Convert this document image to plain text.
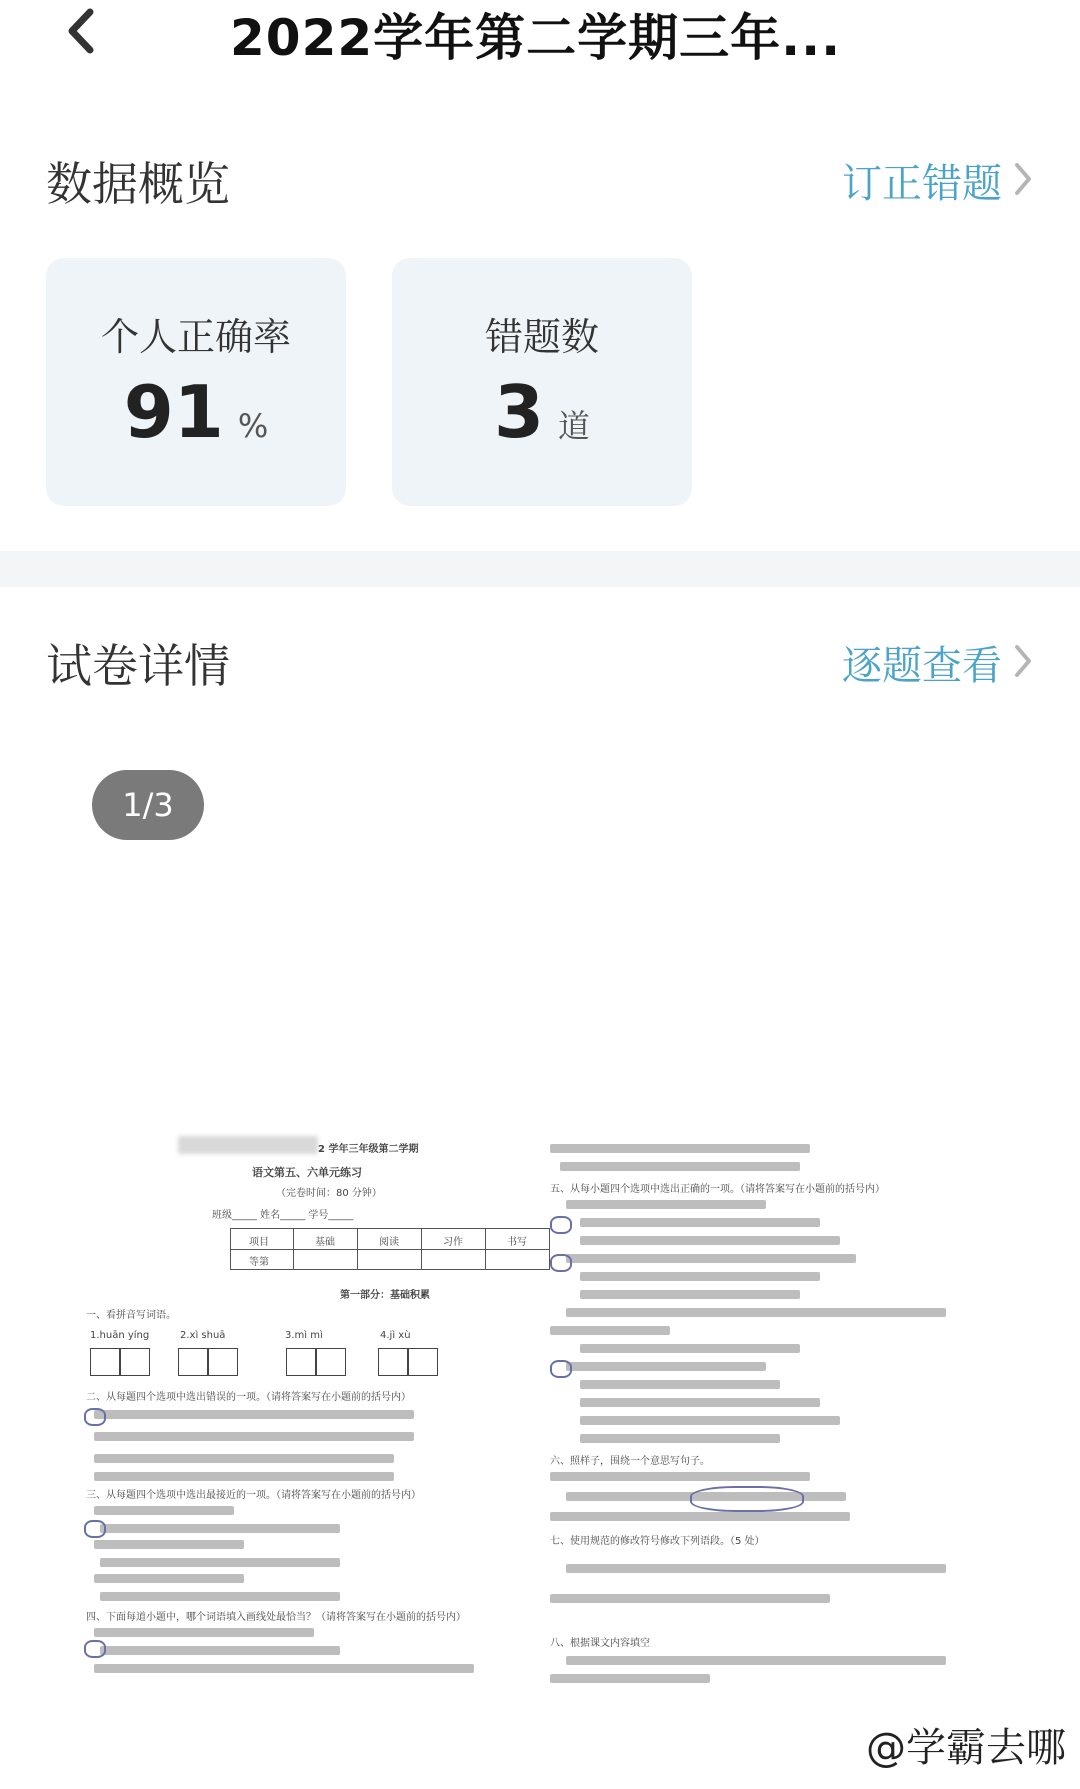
2022学年第二学期三年...
数据概览	订正错题
个人正确率
91 %
错题数
3 道
试卷详情	逐题查看
1/3
2 学年三年级第二学期
语文第五、六单元练习
（完卷时间：80 分钟）
班级_____ 姓名_____ 学号_____
项目	基础	阅读	习作	书写
等第
第一部分：基础积累
一、看拼音写词语。
1.huān yíng	2.xì shuā	3.mì mì	4.jì xù
二、从每题四个选项中选出错误的一项。（请将答案写在小题前的括号内）
三、从每题四个选项中选出最接近的一项。（请将答案写在小题前的括号内）
四、下面每道小题中，哪个词语填入画线处最恰当？（请将答案写在小题前的括号内）
五、从每小题四个选项中选出正确的一项。（请将答案写在小题前的括号内）
六、照样子，围绕一个意思写句子。
七、使用规范的修改符号修改下列语段。（5 处）
八、根据课文内容填空
@学霸去哪
